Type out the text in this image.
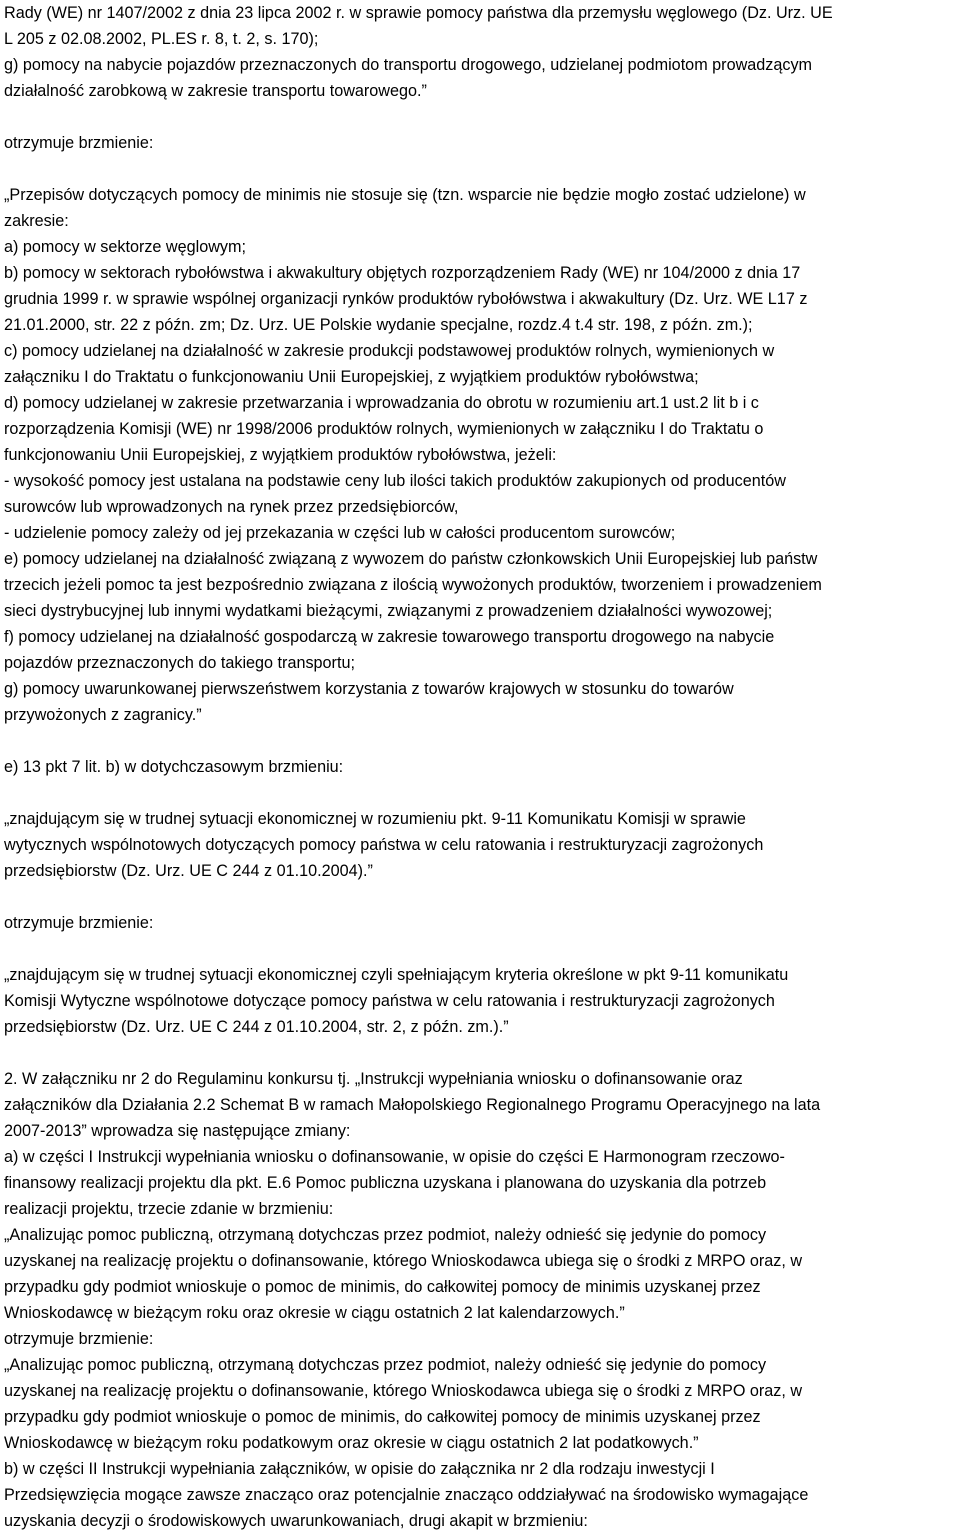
Rady (WE) nr 1407/2002 z dnia 23 lipca 2002 r. w sprawie pomocy państwa dla przemysłu węglowego (Dz. Urz. UE
L 205 z 02.08.2002, PL.ES r. 8, t. 2, s. 170);
g) pomocy na nabycie pojazdów przeznaczonych do transportu drogowego, udzielanej podmiotom prowadzącym
działalność zarobkową w zakresie transportu towarowego.”
otrzymuje brzmienie:
„Przepisów dotyczących pomocy de minimis nie stosuje się (tzn. wsparcie nie będzie mogło zostać udzielone) w
zakresie:
a) pomocy w sektorze węglowym;
b) pomocy w sektorach rybołówstwa i akwakultury objętych rozporządzeniem Rady (WE) nr 104/2000 z dnia 17
grudnia 1999 r. w sprawie wspólnej organizacji rynków produktów rybołówstwa i akwakultury (Dz. Urz. WE L17 z
21.01.2000, str. 22 z późn. zm; Dz. Urz. UE Polskie wydanie specjalne, rozdz.4 t.4 str. 198, z późn. zm.);
c) pomocy udzielanej na działalność w zakresie produkcji podstawowej produktów rolnych, wymienionych w
załączniku I do Traktatu o funkcjonowaniu Unii Europejskiej, z wyjątkiem produktów rybołówstwa;
d) pomocy udzielanej w zakresie przetwarzania i wprowadzania do obrotu w rozumieniu art.1 ust.2 lit b i c
rozporządzenia Komisji (WE) nr 1998/2006 produktów rolnych, wymienionych w załączniku I do Traktatu o
funkcjonowaniu Unii Europejskiej, z wyjątkiem produktów rybołówstwa, jeżeli:
- wysokość pomocy jest ustalana na podstawie ceny lub ilości takich produktów zakupionych od producentów
surowców lub wprowadzonych na rynek przez przedsiębiorców,
- udzielenie pomocy zależy od jej przekazania w części lub w całości producentom surowców;
e) pomocy udzielanej na działalność związaną z wywozem do państw członkowskich Unii Europejskiej lub państw
trzecich jeżeli pomoc ta jest bezpośrednio związana z ilością wywożonych produktów, tworzeniem i prowadzeniem
sieci dystrybucyjnej lub innymi wydatkami bieżącymi, związanymi z prowadzeniem działalności wywozowej;
f) pomocy udzielanej na działalność gospodarczą w zakresie towarowego transportu drogowego na nabycie
pojazdów przeznaczonych do takiego transportu;
g) pomocy uwarunkowanej pierwszeństwem korzystania z towarów krajowych w stosunku do towarów
przywożonych z zagranicy.”
e) 13 pkt 7 lit. b) w dotychczasowym brzmieniu:
„znajdującym się w trudnej sytuacji ekonomicznej w rozumieniu pkt. 9-11 Komunikatu Komisji w sprawie
wytycznych wspólnotowych dotyczących pomocy państwa w celu ratowania i restrukturyzacji zagrożonych
przedsiębiorstw (Dz. Urz. UE C 244 z 01.10.2004).”
otrzymuje brzmienie:
„znajdującym się w trudnej sytuacji ekonomicznej czyli spełniającym kryteria określone w pkt 9-11 komunikatu
Komisji Wytyczne wspólnotowe dotyczące pomocy państwa w celu ratowania i restrukturyzacji zagrożonych
przedsiębiorstw (Dz. Urz. UE C 244 z 01.10.2004, str. 2, z późn. zm.).”
2. W załączniku nr 2 do Regulaminu konkursu tj. „Instrukcji wypełniania wniosku o dofinansowanie oraz
załączników dla Działania 2.2 Schemat B w ramach Małopolskiego Regionalnego Programu Operacyjnego na lata
2007-2013” wprowadza się następujące zmiany:
a) w części I Instrukcji wypełniania wniosku o dofinansowanie, w opisie do części E Harmonogram rzeczowo-
finansowy realizacji projektu dla pkt. E.6 Pomoc publiczna uzyskana i planowana do uzyskania dla potrzeb
realizacji projektu, trzecie zdanie w brzmieniu:
„Analizując pomoc publiczną, otrzymaną dotychczas przez podmiot, należy odnieść się jedynie do pomocy
uzyskanej na realizację projektu o dofinansowanie, którego Wnioskodawca ubiega się o środki z MRPO oraz, w
przypadku gdy podmiot wnioskuje o pomoc de minimis, do całkowitej pomocy de minimis uzyskanej przez
Wnioskodawcę w bieżącym roku oraz okresie w ciągu ostatnich 2 lat kalendarzowych.”
otrzymuje brzmienie:
„Analizując pomoc publiczną, otrzymaną dotychczas przez podmiot, należy odnieść się jedynie do pomocy
uzyskanej na realizację projektu o dofinansowanie, którego Wnioskodawca ubiega się o środki z MRPO oraz, w
przypadku gdy podmiot wnioskuje o pomoc de minimis, do całkowitej pomocy de minimis uzyskanej przez
Wnioskodawcę w bieżącym roku podatkowym oraz okresie w ciągu ostatnich 2 lat podatkowych.”
b) w części II Instrukcji wypełniania załączników, w opisie do załącznika nr 2 dla rodzaju inwestycji I
Przedsięwzięcia mogące zawsze znacząco oraz potencjalnie znacząco oddziaływać na środowisko wymagające
uzyskania decyzji o środowiskowych uwarunkowaniach, drugi akapit w brzmieniu:
